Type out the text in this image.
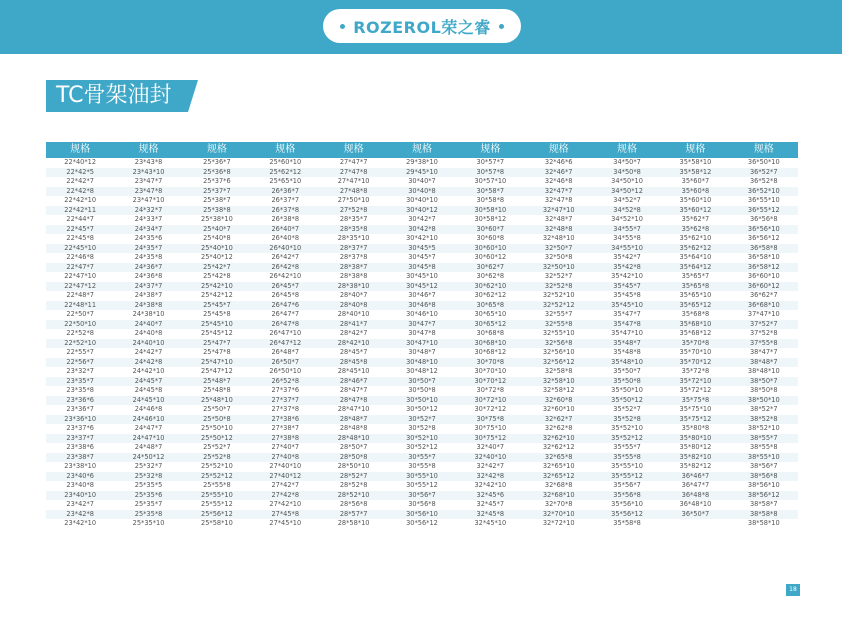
ROZEROL荣之睿
TC骨架油封
规格
22*40*12
22*42*5
22*42*7
22*42*8
22*42*10
22*42*11
22*44*7
22*45*7
22*45*8
22*45*10
22*46*8
22*47*7
22*47*10
22*47*12
22*48*7
22*48*11
22*50*7
22*50*10
22*52*8
22*52*10
22*55*7
22*56*7
23*32*7
23*35*7
23*35*8
23*36*6
23*36*7
23*36*10
23*37*6
23*37*7
23*38*6
23*38*7
23*38*10
23*40*6
23*40*8
23*40*10
23*42*7
23*42*8
23*42*10
规格
23*43*8
23*43*10
23*47*7
23*47*8
23*47*10
24*32*7
24*33*7
24*34*7
24*35*6
24*35*7
24*35*8
24*36*7
24*36*8
24*37*7
24*38*7
24*38*8
24*38*10
24*40*7
24*40*8
24*40*10
24*42*7
24*42*8
24*42*10
24*45*7
24*45*8
24*45*10
24*46*8
24*46*10
24*47*7
24*47*10
24*48*7
24*50*12
25*32*7
25*32*8
25*35*5
25*35*6
25*35*7
25*35*8
25*35*10
规格
25*36*7
25*36*8
25*37*6
25*37*7
25*38*7
25*38*8
25*38*10
25*40*7
25*40*8
25*40*10
25*40*12
25*42*7
25*42*8
25*42*10
25*42*12
25*45*7
25*45*8
25*45*10
25*45*12
25*47*7
25*47*8
25*47*10
25*47*12
25*48*7
25*48*8
25*48*10
25*50*7
25*50*8
25*50*10
25*50*12
25*52*7
25*52*8
25*52*10
25*52*12
25*55*8
25*55*10
25*55*12
25*56*12
25*58*10
规格
25*60*10
25*62*12
25*65*10
26*36*7
26*37*7
26*37*8
26*38*8
26*40*7
26*40*8
26*40*10
26*42*7
26*42*8
26*42*10
26*45*7
26*45*8
26*47*6
26*47*7
26*47*8
26*47*10
26*47*12
26*48*7
26*50*7
26*50*10
26*52*8
27*37*6
27*37*7
27*37*8
27*38*6
27*38*7
27*38*8
27*40*7
27*40*8
27*40*10
27*40*12
27*42*7
27*42*8
27*42*10
27*45*8
27*45*10
规格
27*47*7
27*47*8
27*47*10
27*48*8
27*50*10
27*52*8
28*35*7
28*35*8
28*35*10
28*37*7
28*37*8
28*38*7
28*38*8
28*38*10
28*40*7
28*40*8
28*40*10
28*41*7
28*42*7
28*42*10
28*45*7
28*45*8
28*45*10
28*46*7
28*47*7
28*47*8
28*47*10
28*48*7
28*48*8
28*48*10
28*50*7
28*50*8
28*50*10
28*52*7
28*52*8
28*52*10
28*56*8
28*57*7
28*58*10
规格
29*38*10
29*45*10
30*40*7
30*40*8
30*40*10
30*40*12
30*42*7
30*42*8
30*42*10
30*45*5
30*45*7
30*45*8
30*45*10
30*45*12
30*46*7
30*46*8
30*46*10
30*47*7
30*47*8
30*47*10
30*48*7
30*48*10
30*48*12
30*50*7
30*50*8
30*50*10
30*50*12
30*52*7
30*52*8
30*52*10
30*52*12
30*55*7
30*55*8
30*55*10
30*55*12
30*56*7
30*56*8
30*56*10
30*56*12
规格
30*57*7
30*57*8
30*57*10
30*58*7
30*58*8
30*58*10
30*58*12
30*60*7
30*60*8
30*60*10
30*60*12
30*62*7
30*62*8
30*62*10
30*62*12
30*65*8
30*65*10
30*65*12
30*68*8
30*68*10
30*68*12
30*70*8
30*70*10
30*70*12
30*72*8
30*72*10
30*72*12
30*75*8
30*75*10
30*75*12
32*40*7
32*40*10
32*42*7
32*42*8
32*42*10
32*45*6
32*45*7
32*45*8
32*45*10
规格
32*46*6
32*46*7
32*46*8
32*47*7
32*47*8
32*47*10
32*48*7
32*48*8
32*48*10
32*50*7
32*50*8
32*50*10
32*52*7
32*52*8
32*52*10
32*52*12
32*55*7
32*55*8
32*55*10
32*56*8
32*56*10
32*56*12
32*58*8
32*58*10
32*58*12
32*60*8
32*60*10
32*62*7
32*62*8
32*62*10
32*62*12
32*65*8
32*65*10
32*65*12
32*68*8
32*68*10
32*70*8
32*70*10
32*72*10
规格
34*50*7
34*50*8
34*50*10
34*50*12
34*52*7
34*52*8
34*52*10
34*55*7
34*55*8
34*55*10
35*42*7
35*42*8
35*42*10
35*45*7
35*45*8
35*45*10
35*47*7
35*47*8
35*47*10
35*48*7
35*48*8
35*48*10
35*50*7
35*50*8
35*50*10
35*50*12
35*52*7
35*52*8
35*52*10
35*52*12
35*55*7
35*55*8
35*55*10
35*55*12
35*56*7
35*56*8
35*56*10
35*56*12
35*58*8
规格
35*58*10
35*58*12
35*60*7
35*60*8
35*60*10
35*60*12
35*62*7
35*62*8
35*62*10
35*62*12
35*64*10
35*64*12
35*65*7
35*65*8
35*65*10
35*65*12
35*68*8
35*68*10
35*68*12
35*70*8
35*70*10
35*70*12
35*72*8
35*72*10
35*72*12
35*75*8
35*75*10
35*75*12
35*80*8
35*80*10
35*80*12
35*82*10
35*82*12
36*46*7
36*47*7
36*48*8
36*48*10
36*50*7
规格
36*50*10
36*52*7
36*52*8
36*52*10
36*55*10
36*55*12
36*56*8
36*56*10
36*56*12
36*58*8
36*58*10
36*58*12
36*60*10
36*60*12
36*62*7
36*68*10
37*47*10
37*52*7
37*52*8
37*55*8
38*47*7
38*48*7
38*48*10
38*50*7
38*50*8
38*50*10
38*52*7
38*52*8
38*52*10
38*55*7
38*55*8
38*55*10
38*56*7
38*56*8
38*56*10
38*56*12
38*58*7
38*58*8
38*58*10
18
